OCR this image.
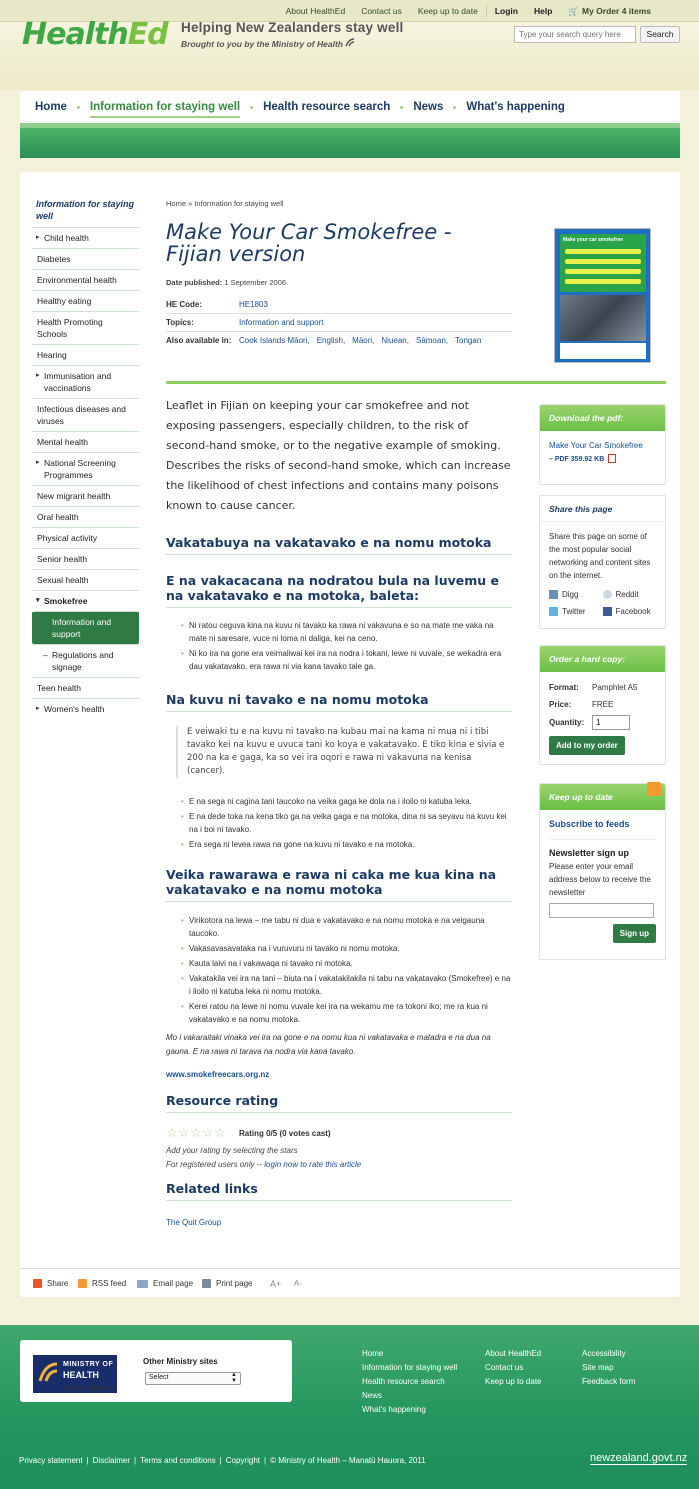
About HealthEd	Contact us	Keep up to date	Login	Help	🛒 My Order 4 items
HealthEd Helping New Zealanders stay well
Brought to you by the Ministry of Health
Type your search query here
Search
Home Information for staying well Health resource search News What's happening
Information for staying well
▸ Child health
Diabetes
Environmental health
Healthy eating
Health Promoting Schools
Hearing
▸ Immunisation and vaccinations
Infectious diseases and viruses
Mental health
▸ National Screening Programmes
New migrant health
Oral health
Physical activity
Senior health
Sexual health
▾ Smokefree
Information and support
– Regulations and signage
Teen health
▸ Women's health
Home » Information for staying well
Make Your Car Smokefree - Fijian version
Date published: 1 September 2006
HE Code:	HE1803
Topics:	Information and support
Also available in: Cook Islands Māori, English, Māori, Niuean, Sāmoan, Tongan
Make your car smokefree
Leaflet in Fijian on keeping your car smokefree and not exposing passengers, especially children, to the risk of second-hand smoke, or to the negative example of smoking. Describes the risks of second-hand smoke, which can increase the likelihood of chest infections and contains many poisons known to cause cancer.
Vakatabuya na vakatavako e na nomu motoka
E na vakacacana na nodratou bula na luvemu e na vakatavako e na motoka, baleta:
• Ni ratou ceguva kina na kuvu ni tavako ka rawa ni vakavuna e so na mate me vaka na mate ni saresare, vuce ni loma ni daliga, kei na ceno.
• Ni ko ira na gone era veimaliwai kei ira na nodra i tokani, lewe ni vuvale, se wekadra era dau vakatavako, era rawa ni via kana tavako tale ga.
Na kuvu ni tavako e na nomu motoka
E veiwaki tu e na kuvu ni tavako na kubau mai na kama ni mua ni i tibi tavako kei na kuvu e uvuca tani ko koya e vakatavako. E tiko kina e sivia e 200 na ka e gaga, ka so vei ira oqori e rawa ni vakavuna na kenisa (cancer).
• E na sega ni cagina tani taucoko na veika gaga ke dola na i iloilo ni katuba leka.
• E na dede toka na kena tiko ga na veika gaga e na motoka, dina ni sa seyavu na kuvu kei na i boi ni tavako.
• Era sega ni levea rawa na gone na kuvu ni tavako e na motoka.
Veika rawarawa e rawa ni caka me kua kina na vakatavako e na nomu motoka
• Virikotora na lewa – me tabu ni dua e vakatavako e na nomu motoka e na veigauna taucoko.
• Vakasavasavataka na i vuruvuru ni tavako ni nomu motoka.
• Kauta laivi na i vakawaqa ni tavako ni motoka.
• Vakatakila vei ira na tani – biuta na i vakatakilakila ni tabu na vakatavako (Smokefree) e na i iloilo ni katuba leka ni nomu motoka.
• Kerei ratou na lewe ni nomu vuvale kei ira na wekamu me ra tokoni iko; me ra kua ni vakatavako e na nomu motoka.
Mo i vakaraitaki vinaka vei ira na gone e na nomu kua ni vakatavaka e matadra e na dua na gauna. E na rawa ni tarava na nodra via kana tavako.
www.smokefreecars.org.nz
Resource rating
☆ ☆ ☆ ☆ ☆ Rating 0/5 (0 votes cast)
Add your rating by selecting the stars
For registered users only -- login now to rate this article
Related links
The Quit Group
Share	RSS feed	Email page	Print page A+ A-
Download the pdf:
Make Your Car Smokefree
– PDF 359.92 KB
Share this page
Share this page on some of the most popular social networking and content sites on the internet.
Digg	Reddit
Twitter	Facebook
Order a hard copy:
Format:	Pamphlet A5
Price:	FREE
Quantity:
1
Add to my order
Keep up to date
Subscribe to feeds
Newsletter sign up
Please enter your email address below to receive the newsletter
Sign up
MINISTRY OF
HEALTH
MANATŪ HAUORA
Other Ministry sites
Select	▲
▼
Home
Information for staying well
Health resource search
News
What's happening
About HealthEd
Contact us
Keep up to date
Accessibility
Site map
Feedback form
Privacy statement | Disclaimer | Terms and conditions | Copyright | © Ministry of Health – Manatū Hauora, 2011	newzealand.govt.nz
